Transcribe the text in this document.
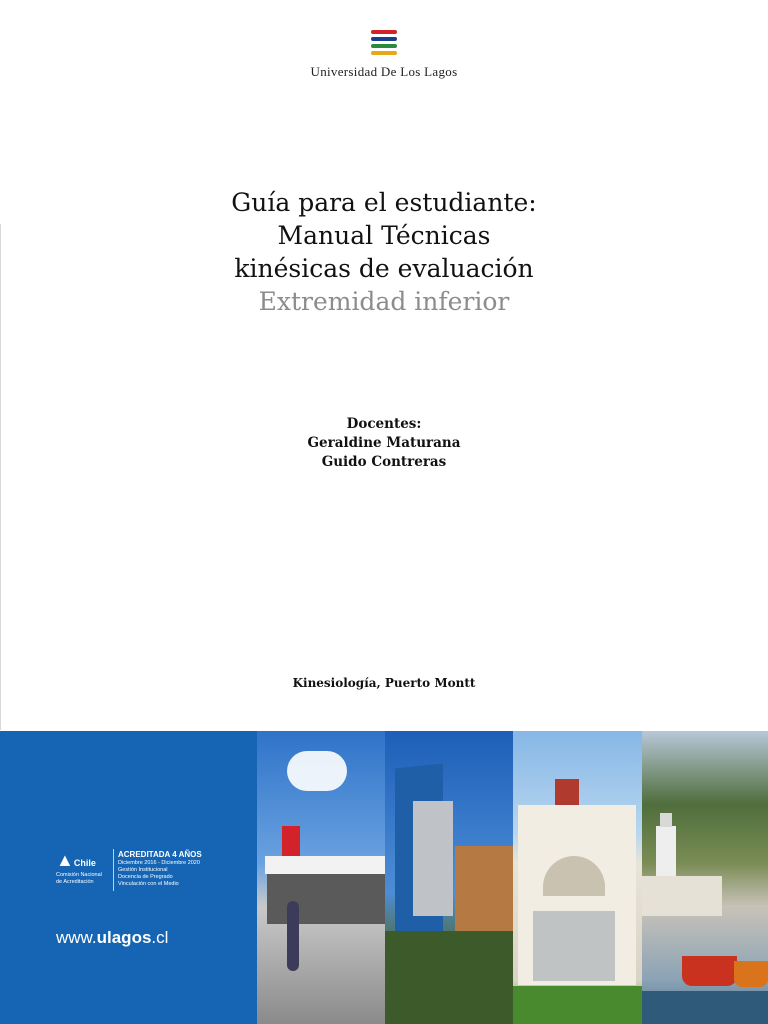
Universidad De Los Lagos
Guía para el estudiante:
Manual Técnicas
kinésicas de evaluación
Extremidad inferior
Docentes:
Geraldine Maturana
Guido Contreras
Kinesiología, Puerto Montt
▲Chile
Comisión Nacional
de Acreditación
ACREDITADA 4 AÑOS
Diciembre 2016 - Diciembre 2020
Gestión Institucional
Docencia de Pregrado
Vinculación con el Medio
www.ulagos.cl
